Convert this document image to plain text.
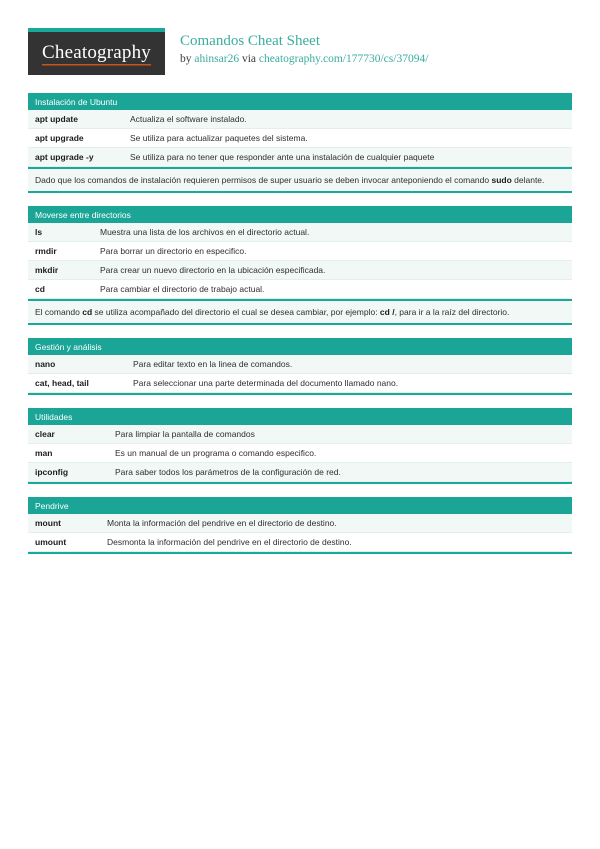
Cheatography
Comandos Cheat Sheet
by ahinsar26 via cheatography.com/177730/cs/37094/
Instalación de Ubuntu
apt update	Actualiza el software instalado.
apt upgrade	Se utiliza para actualizar paquetes del sistema.
apt upgrade -y	Se utiliza para no tener que responder ante una instalación de cualquier paquete
Dado que los comandos de instalación requieren permisos de super usuario se deben invocar anteponiendo el comando sudo delante.
Moverse entre directorios
ls	Muestra una lista de los archivos en el directorio actual.
rmdir	Para borrar un directorio en especifico.
mkdir	Para crear un nuevo directorio en la ubicación especificada.
cd	Para cambiar el directorio de trabajo actual.
El comando cd se utiliza acompañado del directorio el cual se desea cambiar, por ejemplo: cd /, para ir a la raíz del directorio.
Gestión y análisis
nano	Para editar texto en la linea de comandos.
cat, head, tail	Para seleccionar una parte determinada del documento llamado nano.
Utilidades
clear	Para limpiar la pantalla de comandos
man	Es un manual de un programa o comando especifico.
ipconfig	Para saber todos los parámetros de la configuración de red.
Pendrive
mount	Monta la información del pendrive en el directorio de destino.
umount	Desmonta la información del pendrive en el directorio de destino.
